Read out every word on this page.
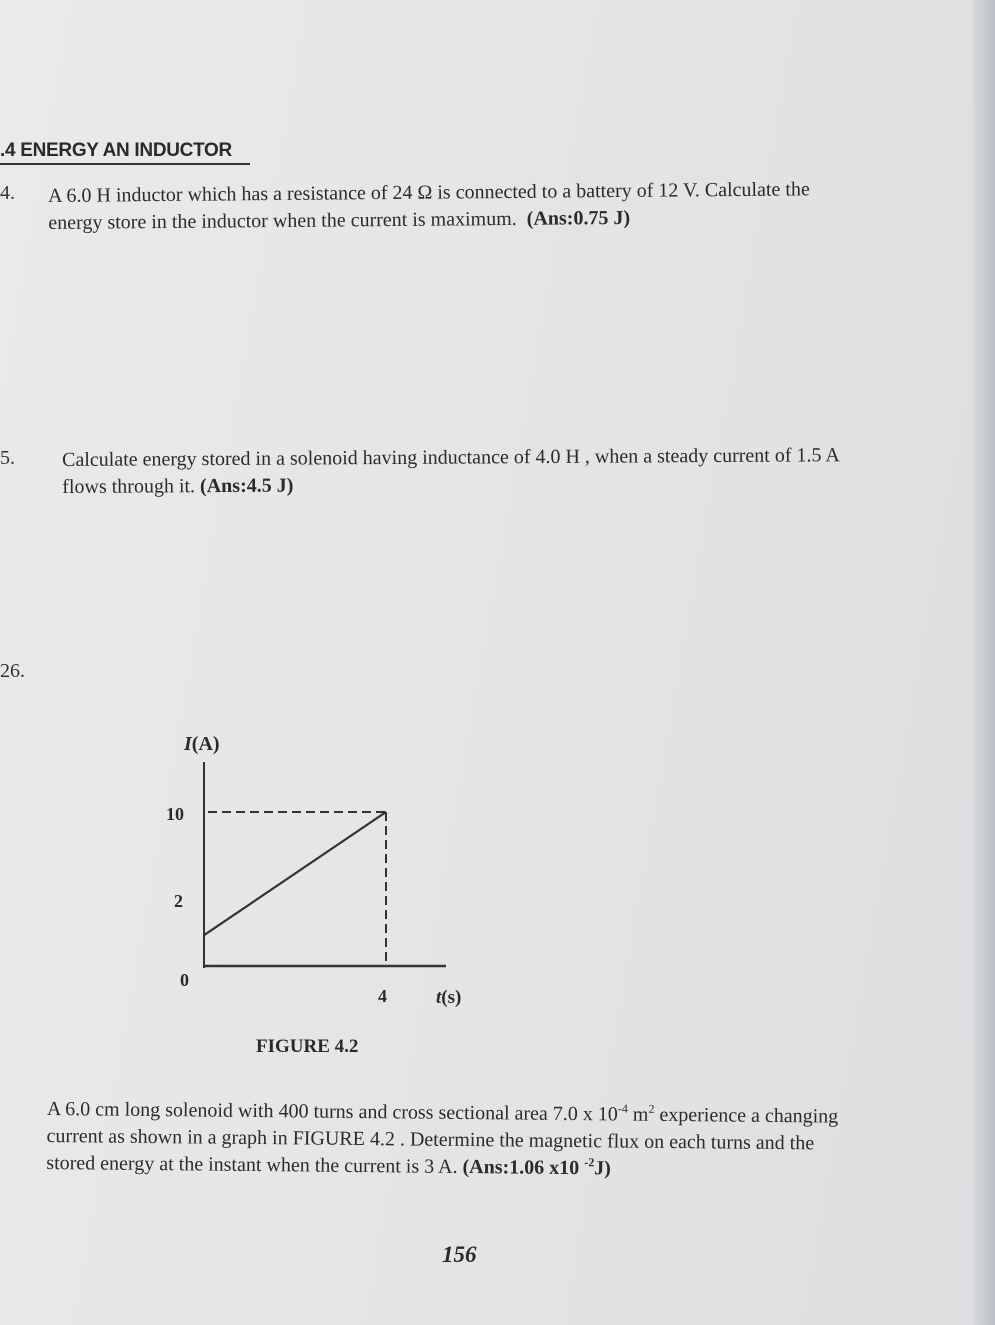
.4 ENERGY AN INDUCTOR
4. A 6.0 H inductor which has a resistance of 24 Ω is connected to a battery of 12 V. Calculate the
energy store in the inductor when the current is maximum. (Ans:0.75 J)
5. Calculate energy stored in a solenoid having inductance of 4.0 H , when a steady current of 1.5 A
flows through it. (Ans:4.5 J)
26.
I(A)
10
2
0
4	t(s)
FIGURE 4.2
A 6.0 cm long solenoid with 400 turns and cross sectional area 7.0 x $10^{-4}$ $m^2$ experience a changing
current as shown in a graph in FIGURE 4.2 . Determine the magnetic flux on each turns and the
stored energy at the instant when the current is 3 A. (Ans:1.06 x10 $^{-2}$J)
156
